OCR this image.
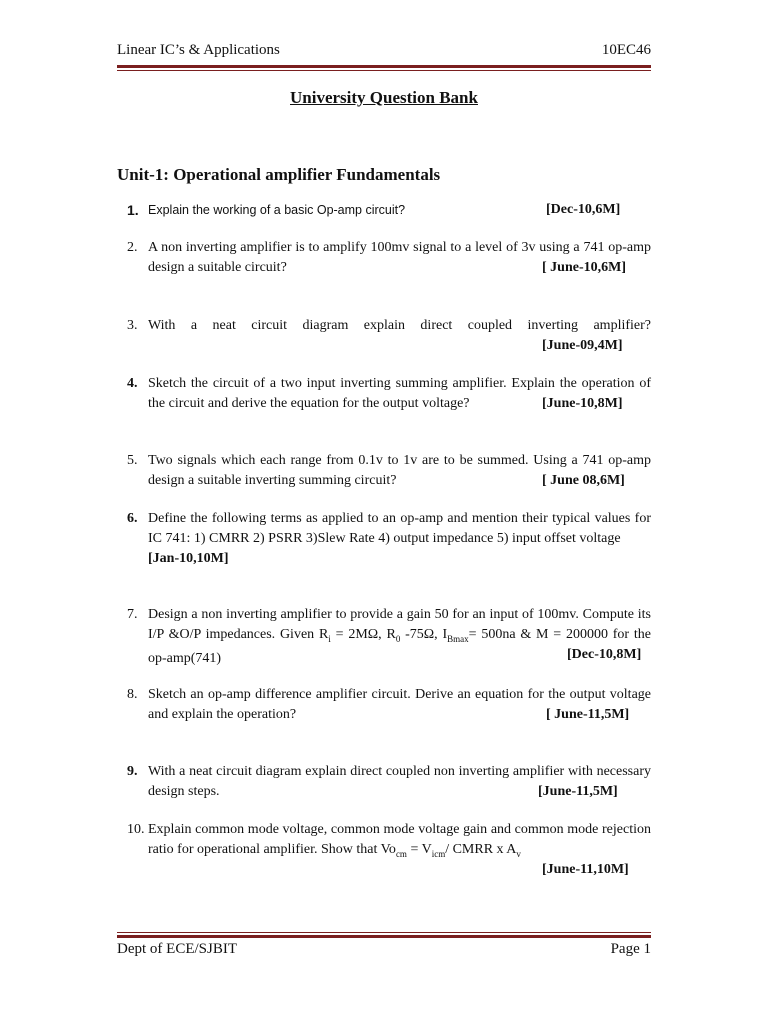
Linear IC’s & Applications	10EC46
University Question Bank
Unit-1: Operational amplifier Fundamentals
1. Explain the working of a basic Op-amp circuit?	[Dec-10,6M]
2. A non inverting amplifier is to amplify 100mv signal to a level of 3v using a 741 op-amp design a suitable circuit?	[ June-10,6M]
3. With a neat circuit diagram explain direct coupled inverting amplifier?
[June-09,4M]
4. Sketch the circuit of a two input inverting summing amplifier. Explain the operation of the circuit and derive the equation for the output voltage?	[June-10,8M]
5. Two signals which each range from 0.1v to 1v are to be summed. Using a 741 op-amp design a suitable inverting summing circuit?	[ June 08,6M]
6. Define the following terms as applied to an op-amp and mention their typical values for IC 741: 1) CMRR 2) PSRR 3)Slew Rate 4) output impedance 5) input offset voltage
[Jan-10,10M]
7. Design a non inverting amplifier to provide a gain 50 for an input of 100mv. Compute its I/P &O/P impedances. Given $R_i = 2M\Omega$, $R_0$ -75Ω, $I_{Bmax}= 500na$ & M = 200000 for the op-amp(741)	[Dec-10,8M]
8. Sketch an op-amp difference amplifier circuit. Derive an equation for the output voltage and explain the operation?	[ June-11,5M]
9. With a neat circuit diagram explain direct coupled non inverting amplifier with necessary design steps.	[June-11,5M]
10. Explain common mode voltage, common mode voltage gain and common mode rejection ratio for operational amplifier. Show that $Vo_{cm} = V_{icm}/$ CMRR x $A_v$
[June-11,10M]
Dept of ECE/SJBIT	Page 1
